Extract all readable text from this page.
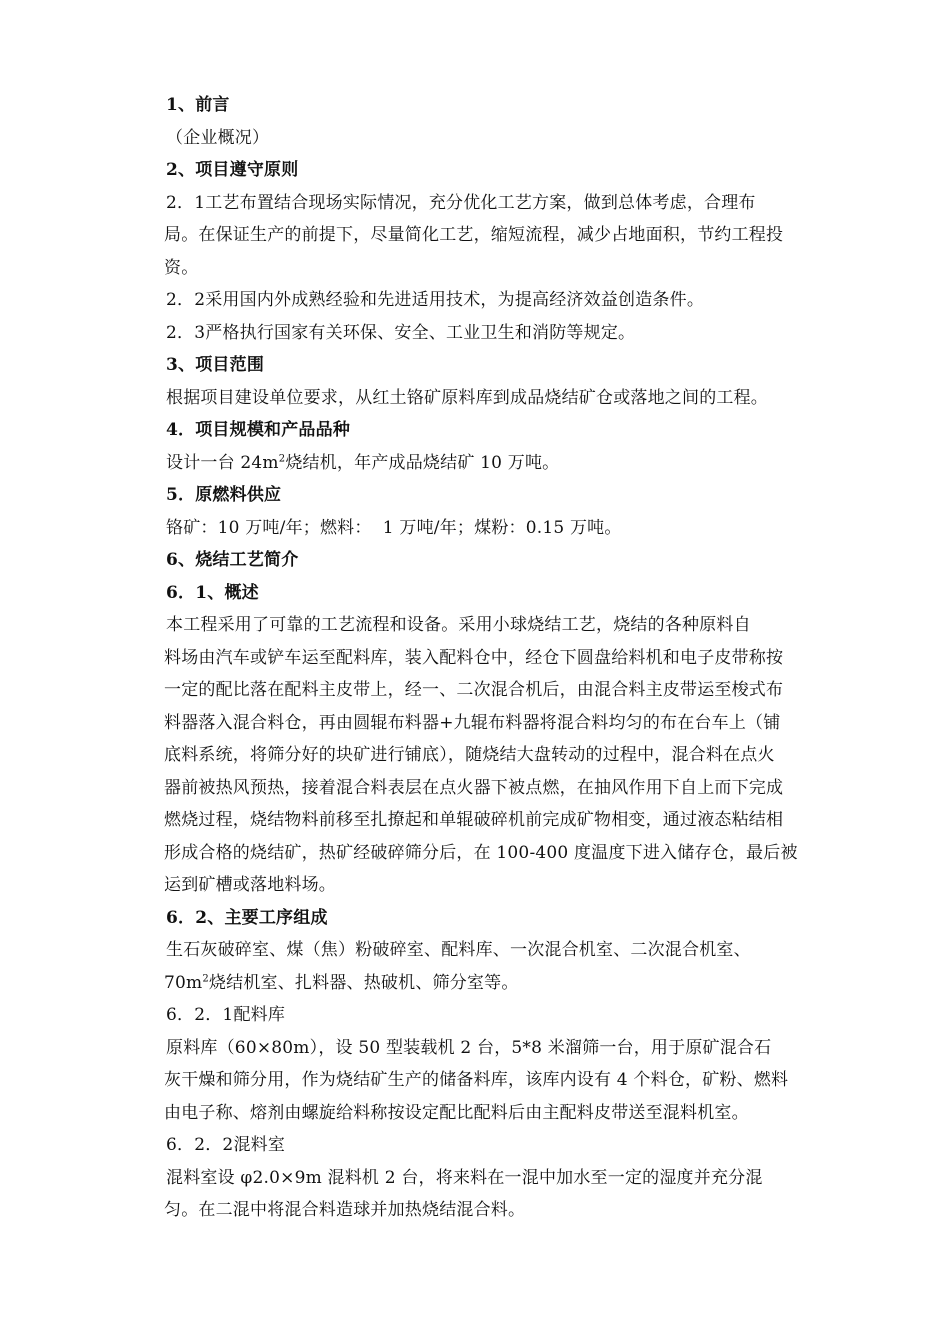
1、前言
（企业概况）
2、项目遵守原则
2．1工艺布置结合现场实际情况，充分优化工艺方案，做到总体考虑，合理布
局。在保证生产的前提下，尽量简化工艺，缩短流程，减少占地面积，节约工程投
资。
2．2采用国内外成熟经验和先进适用技术，为提高经济效益创造条件。
2．3严格执行国家有关环保、安全、工业卫生和消防等规定。
3、项目范围
根据项目建设单位要求，从红土铬矿原料库到成品烧结矿仓或落地之间的工程。
4．项目规模和产品品种
设计一台 $24m^2$烧结机，年产成品烧结矿 10 万吨。
5．原燃料供应
铬矿：10 万吨/年；燃料：  1 万吨/年；煤粉：0.15 万吨。
6、烧结工艺简介
6．1、概述
本工程采用了可靠的工艺流程和设备。采用小球烧结工艺，烧结的各种原料自
料场由汽车或铲车运至配料库，装入配料仓中，经仓下圆盘给料机和电子皮带称按
一定的配比落在配料主皮带上，经一、二次混合机后，由混合料主皮带运至梭式布
料器落入混合料仓，再由圆辊布料器+九辊布料器将混合料均匀的布在台车上（铺
底料系统，将筛分好的块矿进行铺底），随烧结大盘转动的过程中，混合料在点火
器前被热风预热，接着混合料表层在点火器下被点燃，在抽风作用下自上而下完成
燃烧过程，烧结物料前移至扎撩起和单辊破碎机前完成矿物相变，通过液态粘结相
形成合格的烧结矿，热矿经破碎筛分后，在 100-400 度温度下进入储存仓，最后被
运到矿槽或落地料场。
6．2、主要工序组成
生石灰破碎室、煤（焦）粉破碎室、配料库、一次混合机室、二次混合机室、
$70m^2$烧结机室、扎料器、热破机、筛分室等。
6．2．1配料库
原料库（60×80m），设 50 型装载机 2 台，5*8 米溜筛一台，用于原矿混合石
灰干燥和筛分用，作为烧结矿生产的储备料库，该库内设有 4 个料仓，矿粉、燃料
由电子称、熔剂由螺旋给料称按设定配比配料后由主配料皮带送至混料机室。
6．2．2混料室
混料室设 φ2.0×9m 混料机 2 台，将来料在一混中加水至一定的湿度并充分混
匀。在二混中将混合料造球并加热烧结混合料。
